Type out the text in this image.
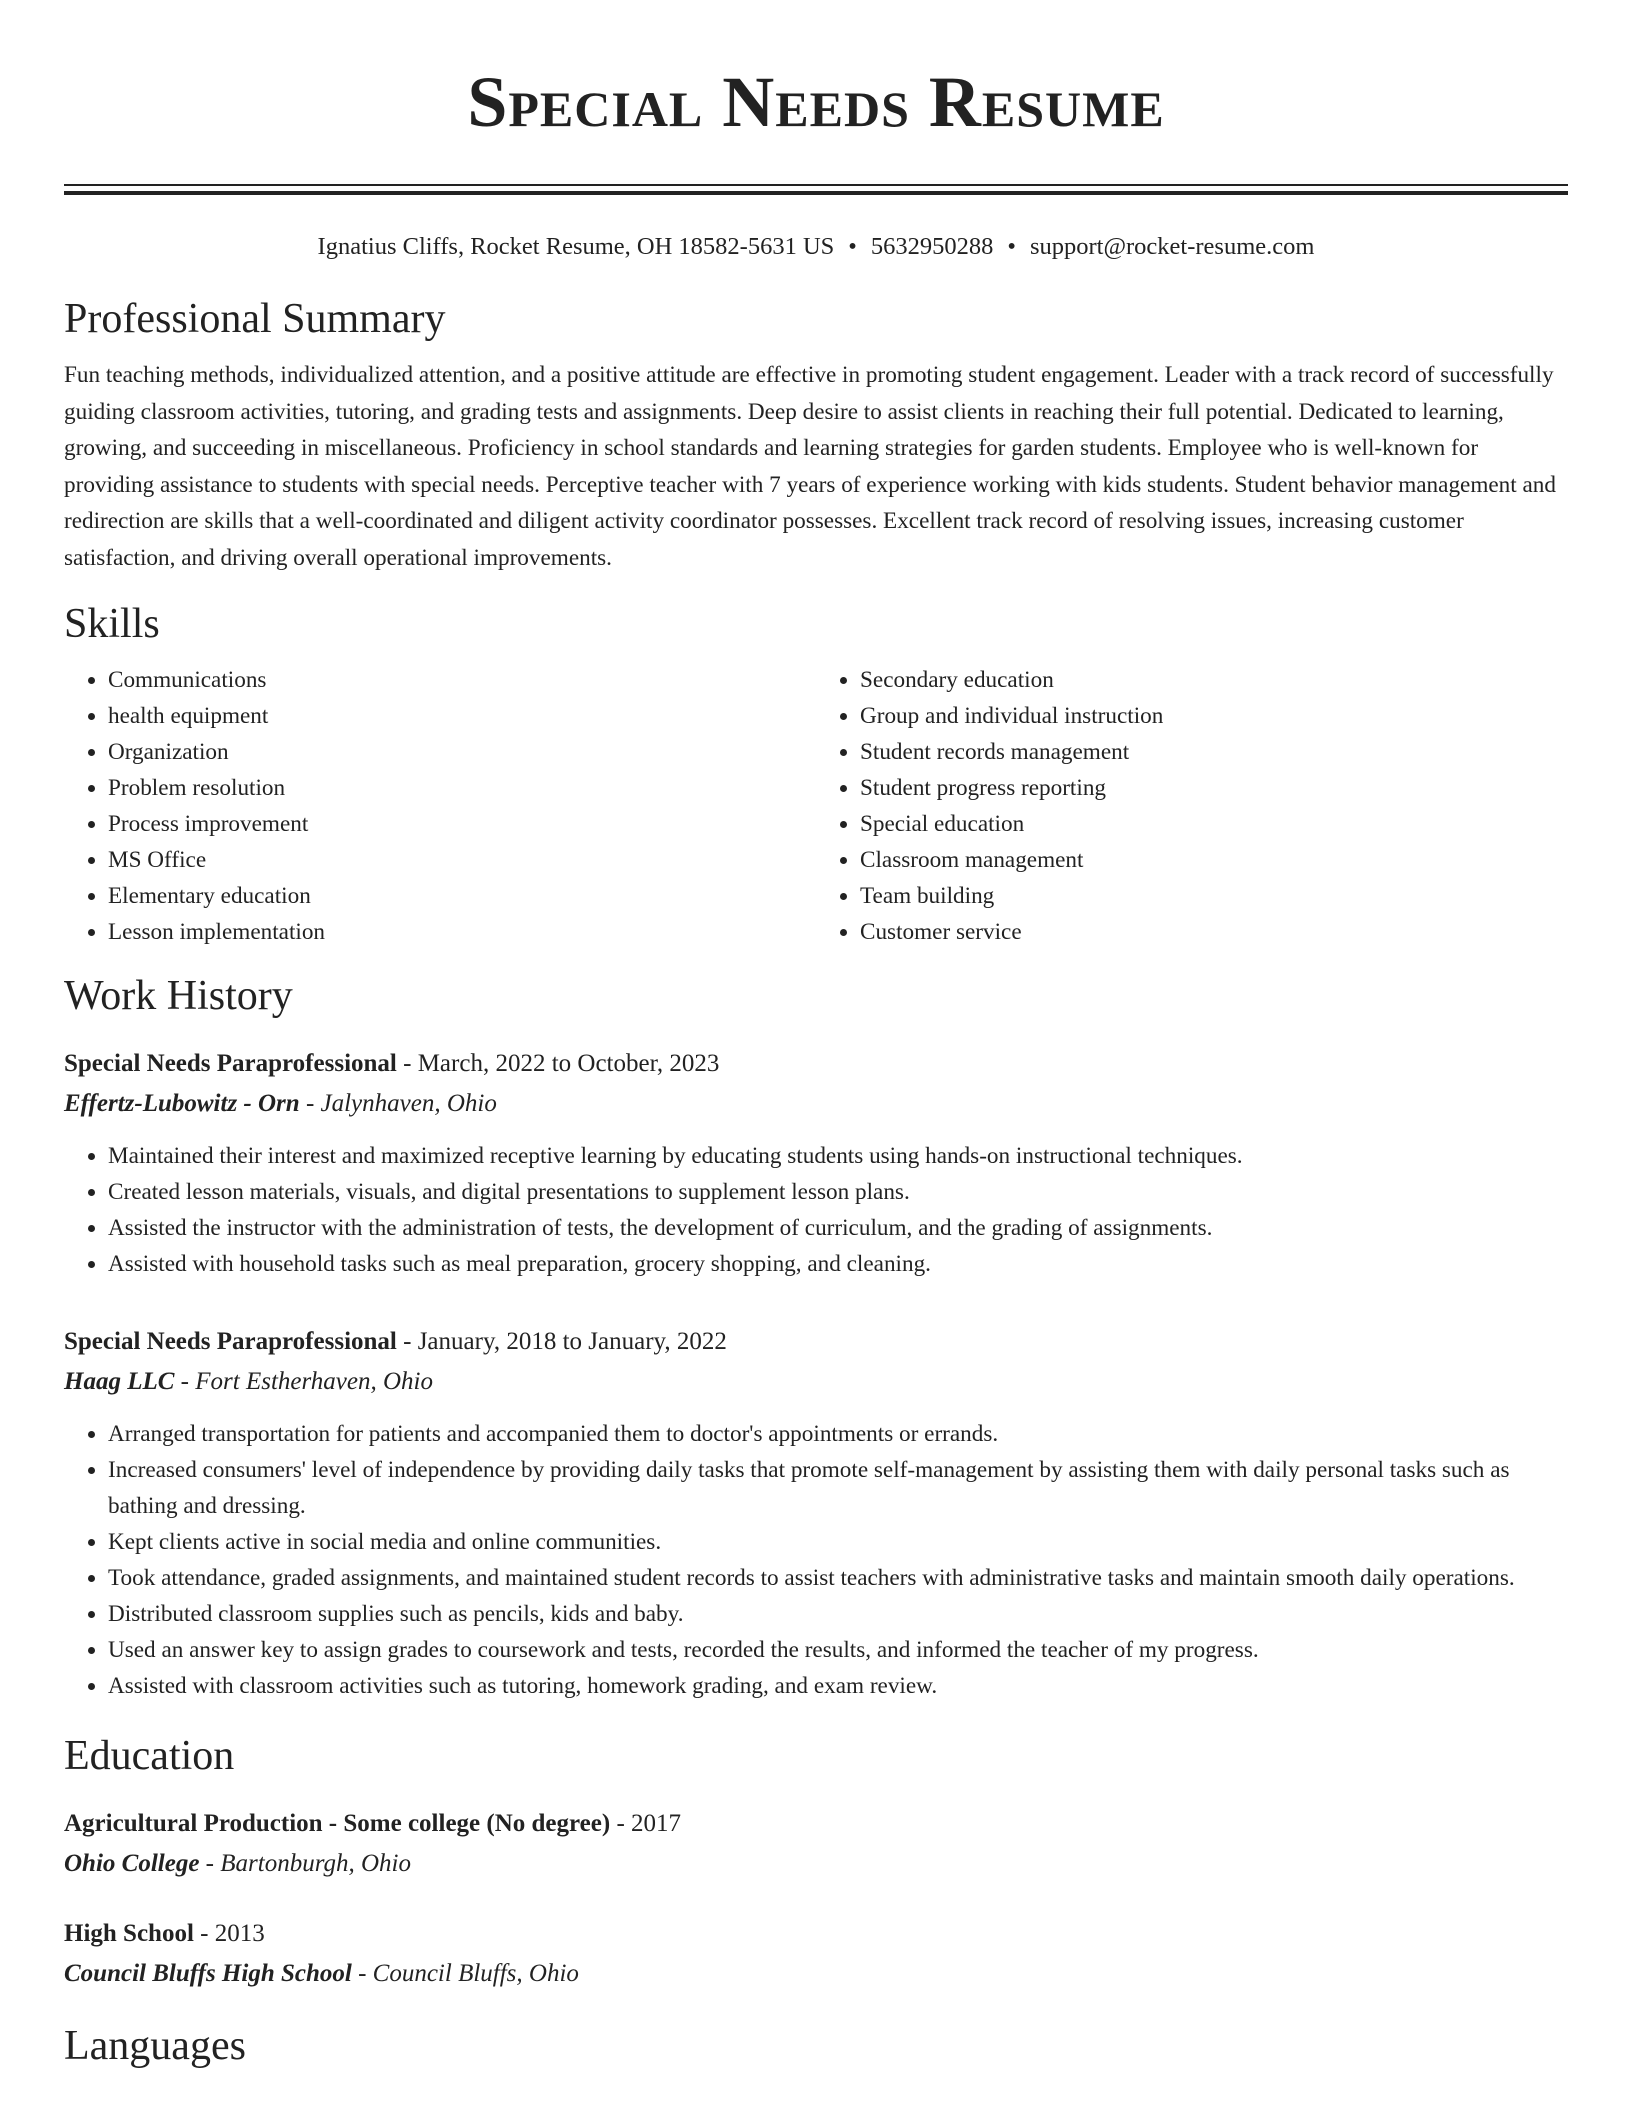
Special Needs Resume
Ignatius Cliffs, Rocket Resume, OH 18582-5631 US • 5632950288 • support@rocket-resume.com
Professional Summary

Fun teaching methods, individualized attention, and a positive attitude are effective in promoting student engagement. Leader with a track record of successfully guiding classroom activities, tutoring, and grading tests and assignments. Deep desire to assist clients in reaching their full potential. Dedicated to learning, growing, and succeeding in miscellaneous. Proficiency in school standards and learning strategies for garden students. Employee who is well-known for providing assistance to students with special needs. Perceptive teacher with 7 years of experience working with kids students. Student behavior management and redirection are skills that a well-coordinated and diligent activity coordinator possesses. Excellent track record of resolving issues, increasing customer satisfaction, and driving overall operational improvements.

Skills
• Communications
• health equipment
• Organization
• Problem resolution
• Process improvement
• MS Office
• Elementary education
• Lesson implementation
• Secondary education
• Group and individual instruction
• Student records management
• Student progress reporting
• Special education
• Classroom management
• Team building
• Customer service
Work History
Special Needs Paraprofessional - March, 2022 to October, 2023
Effertz-Lubowitz - Orn - Jalynhaven, Ohio
• Maintained their interest and maximized receptive learning by educating students using hands-on instructional techniques.
• Created lesson materials, visuals, and digital presentations to supplement lesson plans.
• Assisted the instructor with the administration of tests, the development of curriculum, and the grading of assignments.
• Assisted with household tasks such as meal preparation, grocery shopping, and cleaning.
Special Needs Paraprofessional - January, 2018 to January, 2022
Haag LLC - Fort Estherhaven, Ohio
• Arranged transportation for patients and accompanied them to doctor's appointments or errands.
• Increased consumers' level of independence by providing daily tasks that promote self-management by assisting them with daily personal tasks such as bathing and dressing.
• Kept clients active in social media and online communities.
• Took attendance, graded assignments, and maintained student records to assist teachers with administrative tasks and maintain smooth daily operations.
• Distributed classroom supplies such as pencils, kids and baby.
• Used an answer key to assign grades to coursework and tests, recorded the results, and informed the teacher of my progress.
• Assisted with classroom activities such as tutoring, homework grading, and exam review.
Education
Agricultural Production - Some college (No degree) - 2017
Ohio College - Bartonburgh, Ohio
High School - 2013
Council Bluffs High School - Council Bluffs, Ohio
Languages
